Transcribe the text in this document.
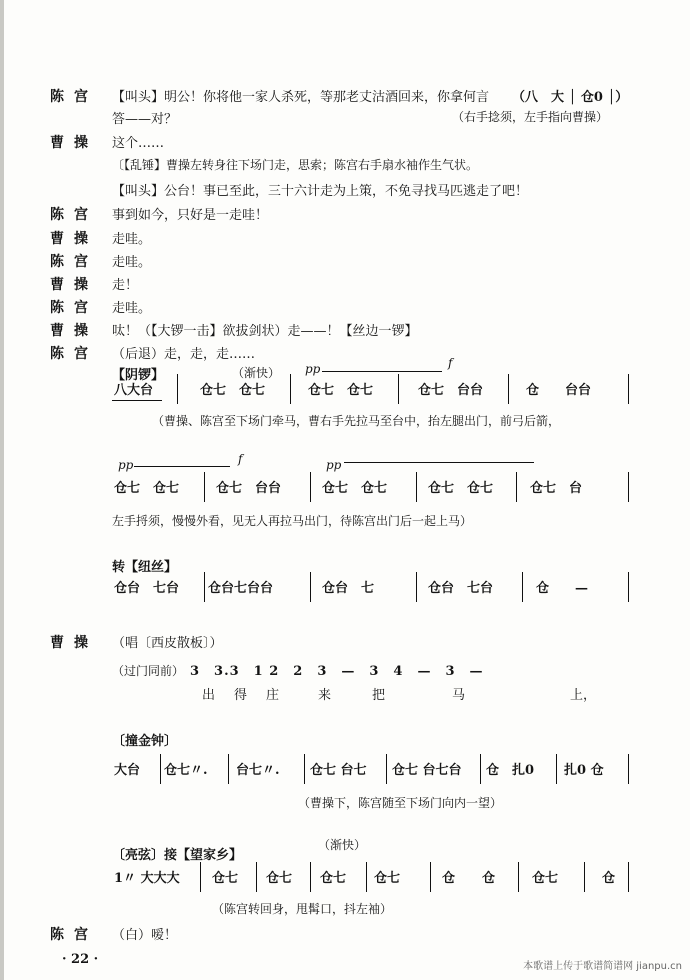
陈宫 【叫头】明公！你将他一家人杀死，等那老丈沽酒回来，你拿何言 （八　大 │ 仓0 │）
答——对？	（右手捻须，左手指向曹操）
曹操 这个……
〔【乱锤】曹操左转身往下场门走，思索；陈宫右手扇水袖作生气状。
【叫头】公台！事已至此，三十六计走为上策，不免寻找马匹逃走了吧！
陈宫 事到如今，只好是一走哇！
曹操 走哇。
陈宫 走哇。
曹操 走！
陈宫 走哇。
曹操 呔！（【大锣一击】欲拔剑状）走——！【丝边一锣】
陈宫 （后退）走，走，走……
【阴锣】	（渐快） pp	f
八大台	仓七　仓七	仓七　仓七	仓七　台台	仓　　台台
（曹操、陈宫至下场门牵马，曹右手先拉马至台中，抬左腿出门，前弓后箭，
pp	f	pp
仓七　仓七	仓七　台台	仓七　仓七	仓七　仓七	仓七　台
左手捋须，慢慢外看，见无人再拉马出门，待陈宫出门后一起上马）
转【纽丝】
仓台　七台 仓台七台台	仓台　七	仓台　七台	仓　　—
曹操 （唱〔西皮散板〕）
（过门同前） 3　3.3　1 2　2　3　—　3　4　—　3　—
出 得 庄	来	把	马	上，
〔撞金钟〕
大台 仓七〃. 台七〃. 仓七 台七 仓七 台七台 仓　扎0 扎0 仓
（曹操下，陈宫随至下场门向内一望）
〔亮弦〕接【望家乡】
（渐快）
1〃 大大大 仓七 仓七 仓七 仓七	仓 仓	仓七	仓
（陈宫转回身，甩髯口，抖左袖）
陈宫 （白）嗳！
· 22 ·	本歌谱上传于歌谱简谱网 jianpu.cn
